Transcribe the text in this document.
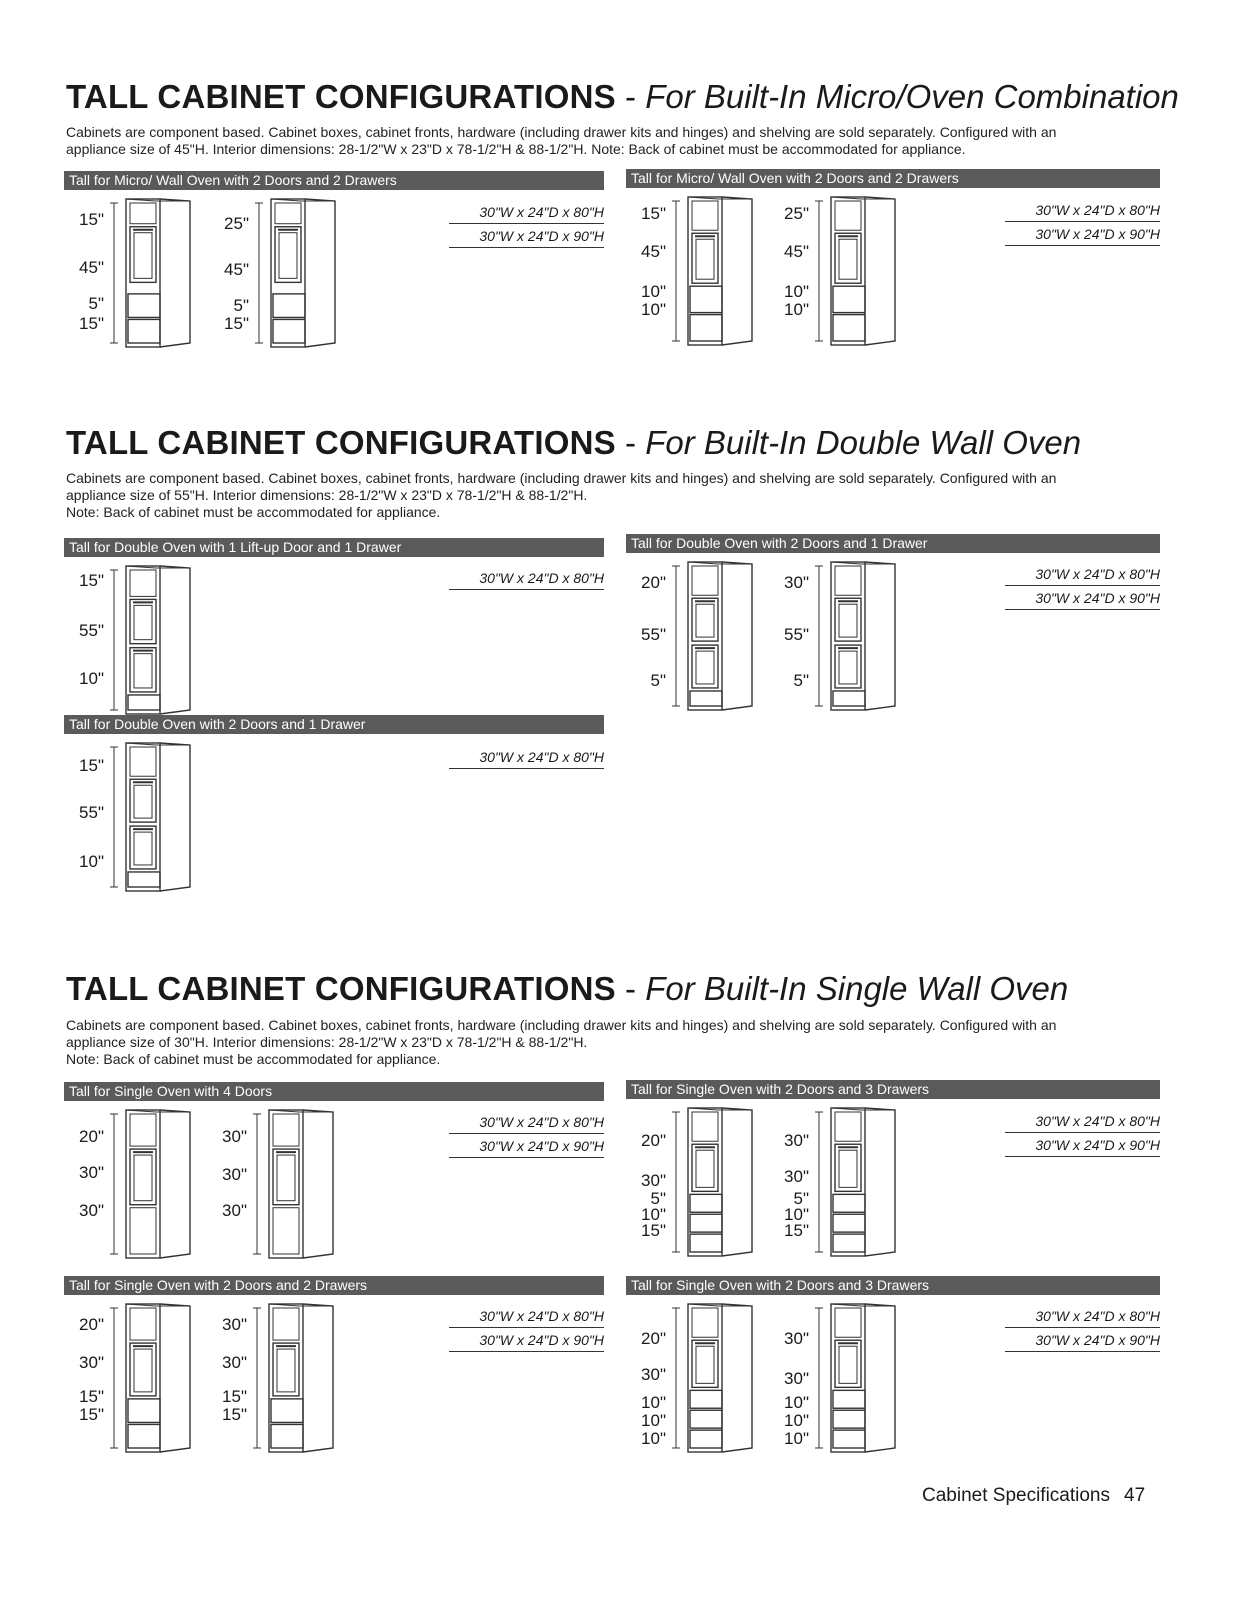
TALL CABINET CONFIGURATIONS - For Built-In Micro/Oven Combination

Cabinets are component based. Cabinet boxes, cabinet fronts, hardware (including drawer kits and hinges) and shelving are sold separately. Configured with an

appliance size of 45"H. Interior dimensions: 28-1/2"W x 23"D x 78-1/2"H & 88-1/2"H. Note: Back of cabinet must be accommodated for appliance.

Tall for Micro/ Wall Oven with 2 Doors and 2 Drawers
30"W x 24"D x 80"H
30"W x 24"D x 90"H
15"
45"
5"
15"
25"
45"
5"
15"
Tall for Micro/ Wall Oven with 2 Doors and 2 Drawers
30"W x 24"D x 80"H
30"W x 24"D x 90"H
15"
45"
10"
10"
25"
45"
10"
10"
TALL CABINET CONFIGURATIONS - For Built-In Double Wall Oven

Cabinets are component based. Cabinet boxes, cabinet fronts, hardware (including drawer kits and hinges) and shelving are sold separately. Configured with an

appliance size of 55"H. Interior dimensions: 28-1/2"W x 23"D x 78-1/2"H & 88-1/2"H.

Note: Back of cabinet must be accommodated for appliance.

Tall for Double Oven with 1 Lift-up Door and 1 Drawer
30"W x 24"D x 80"H
15"
55"
10"
Tall for Double Oven with 2 Doors and 1 Drawer
30"W x 24"D x 80"H
30"W x 24"D x 90"H
20"
55"
5"
30"
55"
5"
Tall for Double Oven with 2 Doors and 1 Drawer
30"W x 24"D x 80"H
15"
55"
10"
TALL CABINET CONFIGURATIONS - For Built-In Single Wall Oven

Cabinets are component based. Cabinet boxes, cabinet fronts, hardware (including drawer kits and hinges) and shelving are sold separately. Configured with an

appliance size of 30"H. Interior dimensions: 28-1/2"W x 23"D x 78-1/2"H & 88-1/2"H.

Note: Back of cabinet must be accommodated for appliance.

Tall for Single Oven with 4 Doors
30"W x 24"D x 80"H
30"W x 24"D x 90"H
20"
30"
30"
30"
30"
30"
Tall for Single Oven with 2 Doors and 3 Drawers
30"W x 24"D x 80"H
30"W x 24"D x 90"H
20"
30"
5"
10"
15"
30"
30"
5"
10"
15"
Tall for Single Oven with 2 Doors and 2 Drawers
30"W x 24"D x 80"H
30"W x 24"D x 90"H
20"
30"
15"
15"
30"
30"
15"
15"
Tall for Single Oven with 2 Doors and 3 Drawers
30"W x 24"D x 80"H
30"W x 24"D x 90"H
20"
30"
10"
10"
10"
30"
30"
10"
10"
10"
Cabinet Specifications 47
